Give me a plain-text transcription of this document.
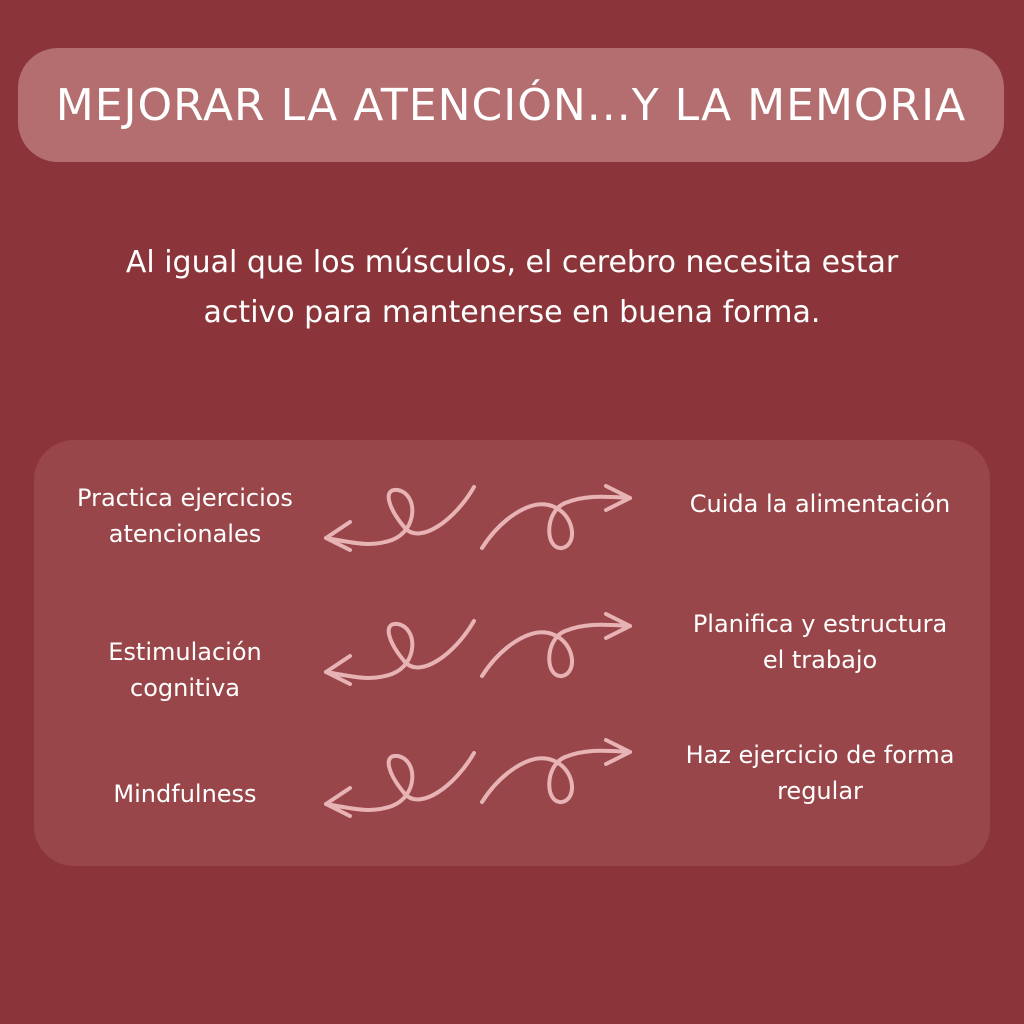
MEJORAR LA ATENCIÓN...Y LA MEMORIA
Al igual que los músculos, el cerebro necesita estar
activo para mantenerse en buena forma.
Practica ejercicios
atencionales
Estimulación
cognitiva
Mindfulness
Cuida la alimentación
Planifica y estructura
el trabajo
Haz ejercicio de forma
regular
